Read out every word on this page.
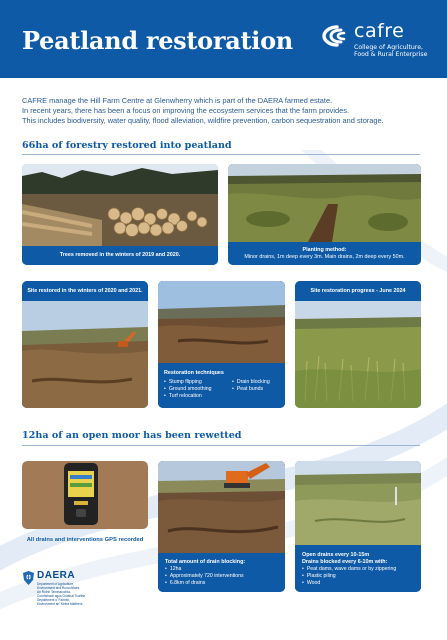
Peatland restoration	cafre
College of Agriculture,
Food & Rural Enterprise
CAFRE manage the Hill Farm Centre at Glenwherry which is part of the DAERA farmed estate.
In recent years, there has been a focus on improving the ecosystem services that the farm provides.
This includes biodiversity, water quality, flood alleviation, wildfire prevention, carbon sequestration and storage.
66ha of forestry restored into peatland
Trees removed in the winters of 2019 and 2020.
Planting method:
Minor drains, 1m deep every 3m. Main drains, 2m deep every 50m.
Site restored in the winters of 2020 and 2021.
Restoration techniques
• Stump flipping
• Ground smoothing
• Turf relocation
• Drain blocking
• Peat bunds
Site restoration progress - June 2024
12ha of an open moor has been rewetted
All drains and interventions GPS recorded
Total amount of drain blocking:
• 12ha
• Approximately 720 interventions
• 6.8km of drains
Open drains every 10-15m
Drains blocked every 6-10m with:
• Peat dams, wave dams or by zippering
• Plastic piling
• Wood
DAERA
Department of Agriculture,
Environment and Rural Affairs
An Roinn Talmhaíochta,
Comhshaoil agus Gnóthaí Tuaithe
Depairtment o' Fairmin,
Environment an' Kintra Matthers
